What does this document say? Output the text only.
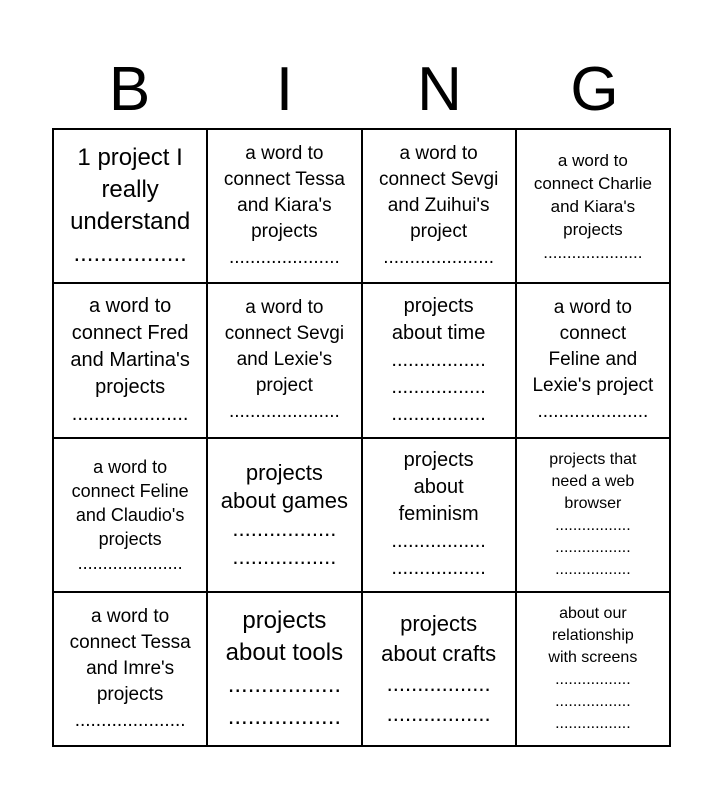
B	I	N	G
1 project I
really
understand
.................
a word to
connect Tessa
and Kiara's
projects
.....................
a word to
connect Sevgi
and Zuihui's
project
.....................
a word to
connect Charlie
and Kiara's
projects
.....................
a word to
connect Fred
and Martina's
projects
.....................
a word to
connect Sevgi
and Lexie's
project
.....................
projects
about time
.................
.................
.................
a word to
connect
Feline and
Lexie's project
.....................
a word to
connect Feline
and Claudio's
projects
.....................
projects
about games
.................
.................
projects
about
feminism
.................
.................
projects that
need a web
browser
.................
.................
.................
a word to
connect Tessa
and Imre's
projects
.....................
projects
about tools
.................
.................
projects
about crafts
.................
.................
about our
relationship
with screens
.................
.................
.................
